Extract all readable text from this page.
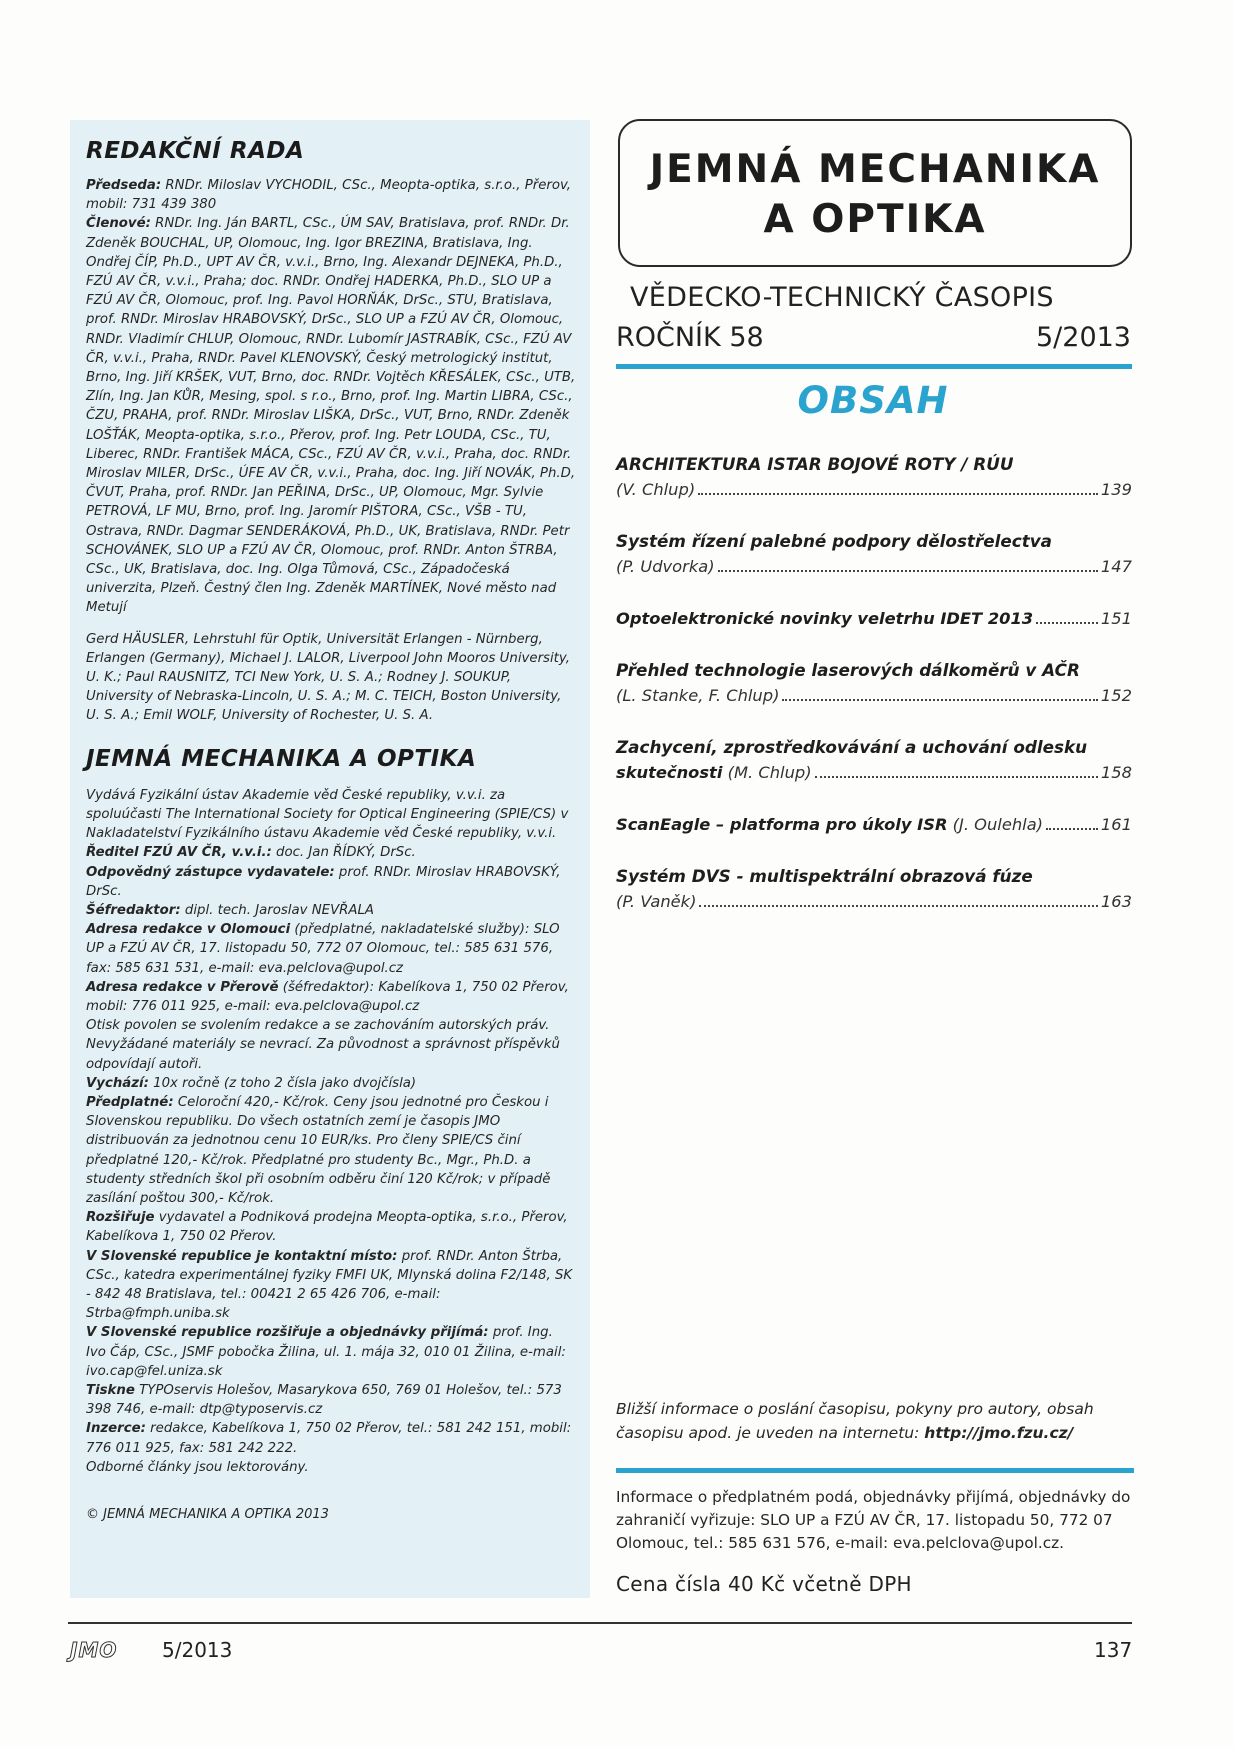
REDAKČNÍ RADA

Předseda: RNDr. Miloslav VYCHODIL, CSc., Meopta-optika, s.r.o., Přerov, mobil: 731 439 380

Členové: RNDr. Ing. Ján BARTL, CSc., ÚM SAV, Bratislava, prof. RNDr. Dr. Zdeněk BOUCHAL, UP, Olomouc, Ing. Igor BREZINA, Bratislava, Ing. Ondřej ČÍP, Ph.D., UPT AV ČR, v.v.i., Brno, Ing. Alexandr DEJNEKA, Ph.D., FZÚ AV ČR, v.v.i., Praha; doc. RNDr. Ondřej HADERKA, Ph.D., SLO UP a FZÚ AV ČR, Olomouc, prof. Ing. Pavol HORŇÁK, DrSc., STU, Bratislava, prof. RNDr. Miroslav HRABOVSKÝ, DrSc., SLO UP a FZÚ AV ČR, Olomouc, RNDr. Vladimír CHLUP, Olomouc, RNDr. Lubomír JASTRABÍK, CSc., FZÚ AV ČR, v.v.i., Praha, RNDr. Pavel KLENOVSKÝ, Český metrologický institut, Brno, Ing. Jiří KRŠEK, VUT, Brno, doc. RNDr. Vojtěch KŘESÁLEK, CSc., UTB, Zlín, Ing. Jan KŮR, Mesing, spol. s r.o., Brno, prof. Ing. Martin LIBRA, CSc., ČZU, PRAHA, prof. RNDr. Miroslav LIŠKA, DrSc., VUT, Brno, RNDr. Zdeněk LOŠŤÁK, Meopta-optika, s.r.o., Přerov, prof. Ing. Petr LOUDA, CSc., TU, Liberec, RNDr. František MÁCA, CSc., FZÚ AV ČR, v.v.i., Praha, doc. RNDr. Miroslav MILER, DrSc., ÚFE AV ČR, v.v.i., Praha, doc. Ing. Jiří NOVÁK, Ph.D, ČVUT, Praha, prof. RNDr. Jan PEŘINA, DrSc., UP, Olomouc, Mgr. Sylvie PETROVÁ, LF MU, Brno, prof. Ing. Jaromír PIŠTORA, CSc., VŠB - TU, Ostrava, RNDr. Dagmar SENDERÁKOVÁ, Ph.D., UK, Bratislava, RNDr. Petr SCHOVÁNEK, SLO UP a FZÚ AV ČR, Olomouc, prof. RNDr. Anton ŠTRBA, CSc., UK, Bratislava, doc. Ing. Olga Tůmová, CSc., Západočeská univerzita, Plzeň. Čestný člen Ing. Zdeněk MARTÍNEK, Nové město nad Metují

Gerd HÄUSLER, Lehrstuhl für Optik, Universität Erlangen - Nürnberg, Erlangen (Germany), Michael J. LALOR, Liverpool John Mooros University, U. K.; Paul RAUSNITZ, TCI New York, U. S. A.; Rodney J. SOUKUP, University of Nebraska-Lincoln, U. S. A.; M. C. TEICH, Boston University, U. S. A.; Emil WOLF, University of Rochester, U. S. A.

JEMNÁ MECHANIKA A OPTIKA

Vydává Fyzikální ústav Akademie věd České republiky, v.v.i. za spoluúčasti The International Society for Optical Engineering (SPIE/CS) v Nakladatelství Fyzikálního ústavu Akademie věd České republiky, v.v.i.

Ředitel FZÚ AV ČR, v.v.i.: doc. Jan ŘÍDKÝ, DrSc.

Odpovědný zástupce vydavatele: prof. RNDr. Miroslav HRABOVSKÝ, DrSc.

Šéfredaktor: dipl. tech. Jaroslav NEVŘALA

Adresa redakce v Olomouci (předplatné, nakladatelské služby): SLO UP a FZÚ AV ČR, 17. listopadu 50, 772 07 Olomouc, tel.: 585 631 576, fax: 585 631 531, e-mail: eva.pelclova@upol.cz

Adresa redakce v Přerově (šéfredaktor): Kabelíkova 1, 750 02 Přerov, mobil: 776 011 925, e-mail: eva.pelclova@upol.cz

Otisk povolen se svolením redakce a se zachováním autorských práv. Nevyžádané materiály se nevrací. Za původnost a správnost příspěvků odpovídají autoři.

Vychází: 10x ročně (z toho 2 čísla jako dvojčísla)

Předplatné: Celoroční 420,- Kč/rok. Ceny jsou jednotné pro Českou i Slovenskou republiku. Do všech ostatních zemí je časopis JMO distribuován za jednotnou cenu 10 EUR/ks. Pro členy SPIE/CS činí předplatné 120,- Kč/rok. Předplatné pro studenty Bc., Mgr., Ph.D. a studenty středních škol při osobním odběru činí 120 Kč/rok; v případě zasílání poštou 300,- Kč/rok.

Rozšiřuje vydavatel a Podniková prodejna Meopta-optika, s.r.o., Přerov, Kabelíkova 1, 750 02 Přerov.

V Slovenské republice je kontaktní místo: prof. RNDr. Anton Štrba, CSc., katedra experimentálnej fyziky FMFI UK, Mlynská dolina F2/148, SK - 842 48 Bratislava, tel.: 00421 2 65 426 706, e-mail: Strba@fmph.uniba.sk

V Slovenské republice rozšiřuje a objednávky přijímá: prof. Ing. Ivo Čáp, CSc., JSMF pobočka Žilina, ul. 1. mája 32, 010 01 Žilina, e-mail: ivo.cap@fel.uniza.sk

Tiskne TYPOservis Holešov, Masarykova 650, 769 01 Holešov, tel.: 573 398 746, e-mail: dtp@typoservis.cz

Inzerce: redakce, Kabelíkova 1, 750 02 Přerov, tel.: 581 242 151, mobil: 776 011 925, fax: 581 242 222.

Odborné články jsou lektorovány.

© JEMNÁ MECHANIKA A OPTIKA 2013
JEMNÁ MECHANIKA
A OPTIKA
VĚDECKO-TECHNICKÝ ČASOPIS
ROČNÍK 58	5/2013
OBSAH
ARCHITEKTURA ISTAR BOJOVÉ ROTY / RÚU
(V. Chlup)	139
Systém řízení palebné podpory dělostřelectva
(P. Udvorka)	147
Optoelektronické novinky veletrhu IDET 2013	151
Přehled technologie laserových dálkoměrů v AČR
(L. Stanke, F. Chlup)	152
Zachycení, zprostředkovávání a uchování odlesku
skutečnosti
(M. Chlup)	158
ScanEagle – platforma pro úkoly ISR
(J. Oulehla)	161
Systém DVS - multispektrální obrazová fúze
(P. Vaněk)	163
Bližší informace o poslání časopisu, pokyny pro autory, obsah časopisu apod. je uveden na internetu: http://jmo.fzu.cz/
Informace o předplatném podá, objednávky přijímá, objednávky do zahraničí vyřizuje: SLO UP a FZÚ AV ČR, 17. listopadu 50, 772 07 Olomouc, tel.: 585 631 576, e-mail: eva.pelclova@upol.cz.
Cena čísla 40 Kč včetně DPH
JMO 5/2013	137
